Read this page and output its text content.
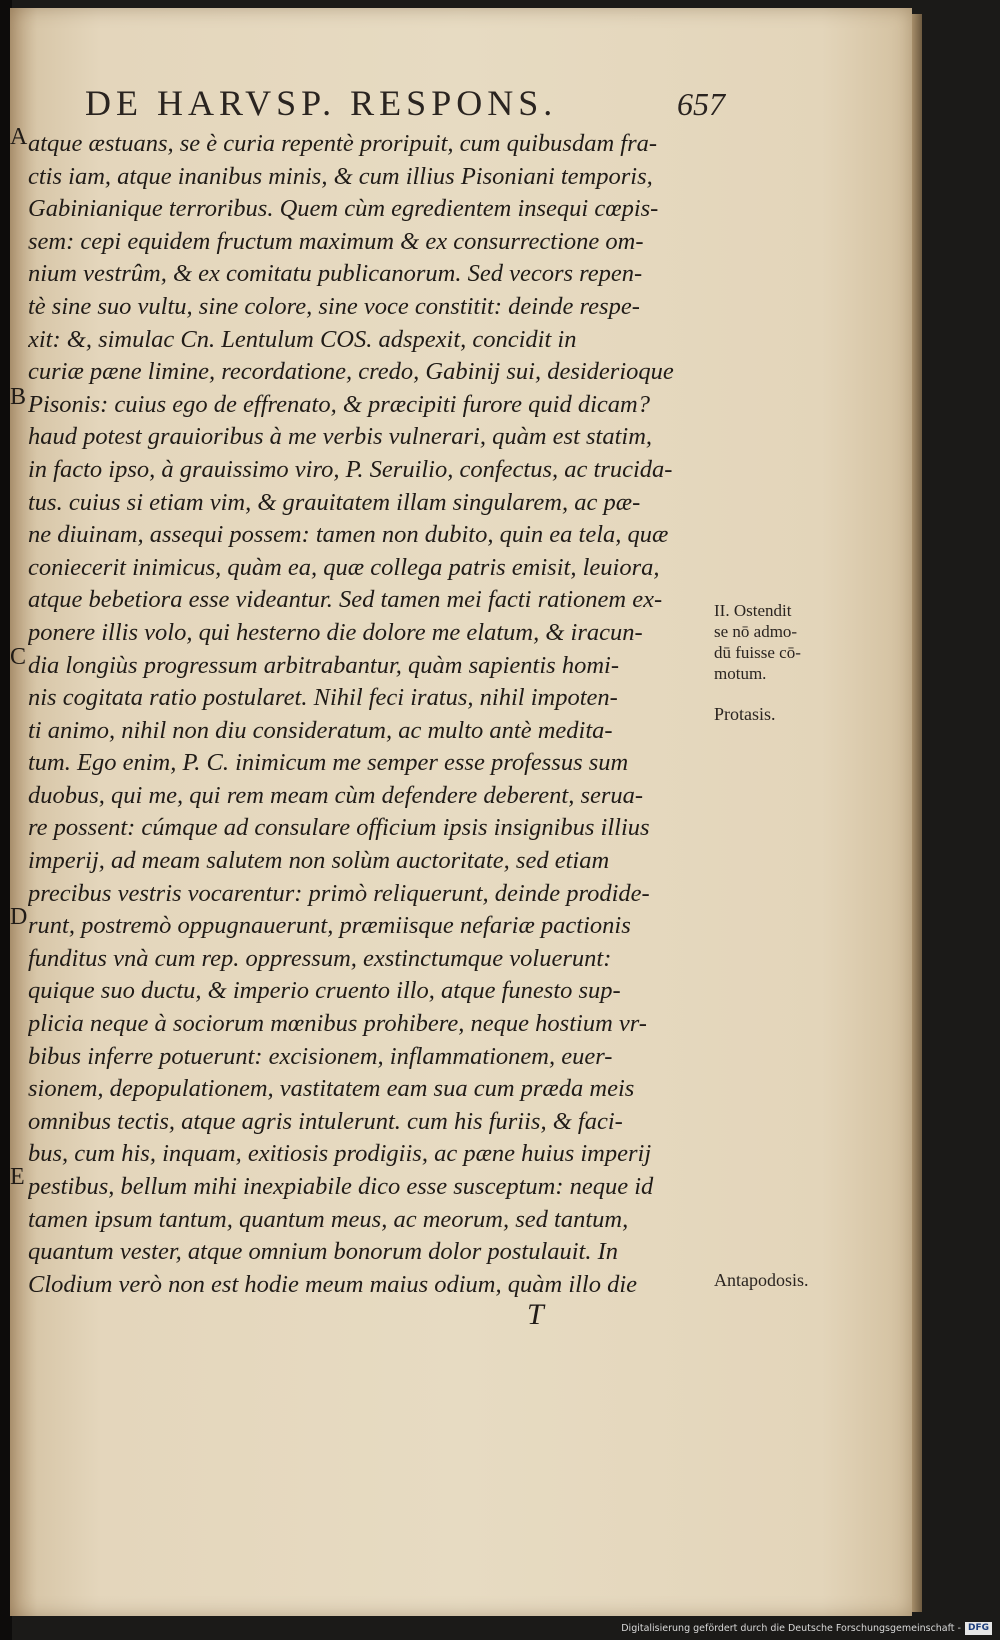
DE HARVSP. RESPONS.	657
atque æstuans, se è curia repentè proripuit, cum quibusdam fra-
ctis iam, atque inanibus minis, & cum illius Pisoniani temporis,
Gabinianique terroribus. Quem cùm egredientem insequi cœpis-
sem: cepi equidem fructum maximum & ex consurrectione om-
nium vestrûm, & ex comitatu publicanorum. Sed vecors repen-
tè sine suo vultu, sine colore, sine voce constitit: deinde respe-
xit: &, simulac Cn. Lentulum COS. adspexit, concidit in
curiæ pæne limine, recordatione, credo, Gabinij sui, desiderioque
Pisonis: cuius ego de effrenato, & præcipiti furore quid dicam?
haud potest grauioribus à me verbis vulnerari, quàm est statim,
in facto ipso, à grauissimo viro, P. Seruilio, confectus, ac trucida-
tus. cuius si etiam vim, & grauitatem illam singularem, ac pæ-
ne diuinam, assequi possem: tamen non dubito, quin ea tela, quæ
coniecerit inimicus, quàm ea, quæ collega patris emisit, leuiora,
atque bebetiora esse videantur. Sed tamen mei facti rationem ex-
ponere illis volo, qui hesterno die dolore me elatum, & iracun-
dia longiùs progressum arbitrabantur, quàm sapientis homi-
nis cogitata ratio postularet. Nihil feci iratus, nihil impoten-
ti animo, nihil non diu consideratum, ac multo antè medita-
tum. Ego enim, P. C. inimicum me semper esse professus sum
duobus, qui me, qui rem meam cùm defendere deberent, serua-
re possent: cúmque ad consulare officium ipsis insignibus illius
imperij, ad meam salutem non solùm auctoritate, sed etiam
precibus vestris vocarentur: primò reliquerunt, deinde prodide-
runt, postremò oppugnauerunt, præmiisque nefariæ pactionis
funditus vnà cum rep. oppressum, exstinctumque voluerunt:
quique suo ductu, & imperio cruento illo, atque funesto sup-
plicia neque à sociorum mœnibus prohibere, neque hostium vr-
bibus inferre potuerunt: excisionem, inflammationem, euer-
sionem, depopulationem, vastitatem eam sua cum præda meis
omnibus tectis, atque agris intulerunt. cum his furiis, & faci-
bus, cum his, inquam, exitiosis prodigiis, ac pæne huius imperij
pestibus, bellum mihi inexpiabile dico esse susceptum: neque id
tamen ipsum tantum, quantum meus, ac meorum, sed tantum,
quantum vester, atque omnium bonorum dolor postulauit. In
Clodium verò non est hodie meum maius odium, quàm illo die
A
B
C
D
E
II. Ostendit
se nō admo-
dū fuisse cō-
motum.
Protasis.
Antapodosis.
T
Digitalisierung gefördert durch die Deutsche Forschungsgemeinschaft - DFG
